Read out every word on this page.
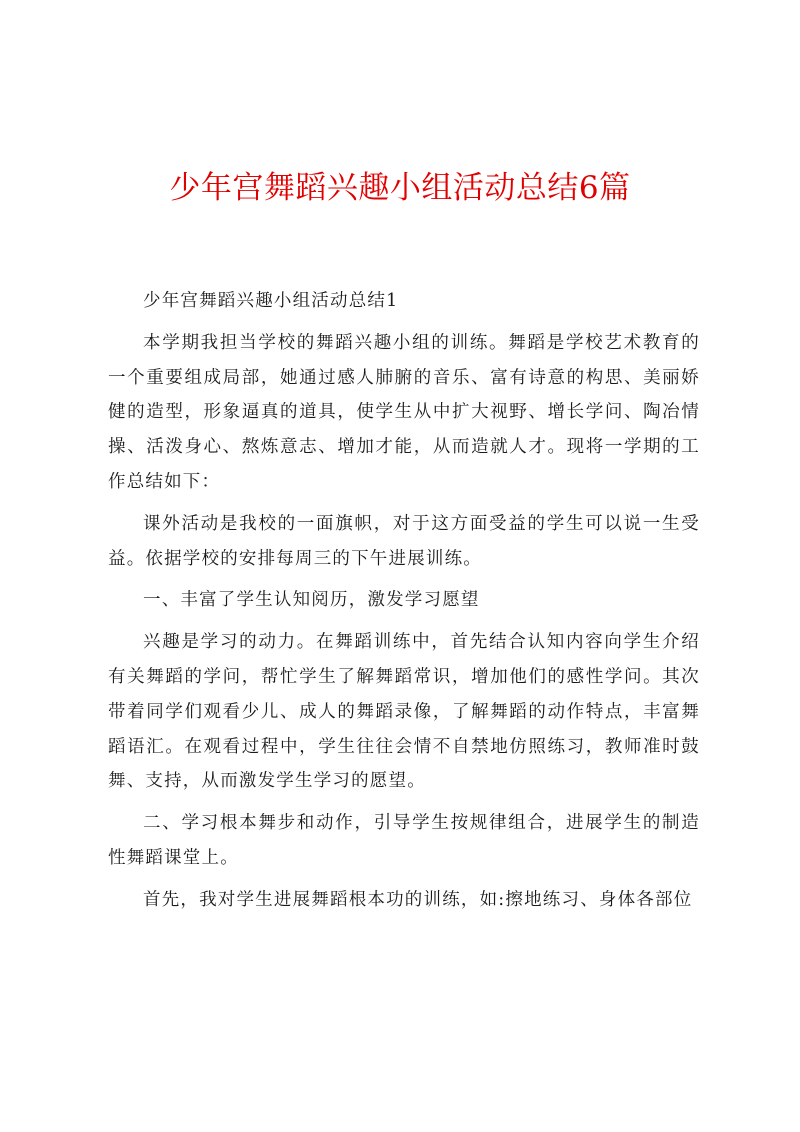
少年宫舞蹈兴趣小组活动总结6篇

少年宫舞蹈兴趣小组活动总结1

本学期我担当学校的舞蹈兴趣小组的训练。舞蹈是学校艺术教育的一个重要组成局部，她通过感人肺腑的音乐、富有诗意的构思、美丽娇健的造型，形象逼真的道具，使学生从中扩大视野、增长学问、陶冶情操、活泼身心、熬炼意志、增加才能，从而造就人才。现将一学期的工作总结如下：

课外活动是我校的一面旗帜，对于这方面受益的学生可以说一生受益。依据学校的安排每周三的下午进展训练。

一、丰富了学生认知阅历，激发学习愿望

兴趣是学习的动力。在舞蹈训练中，首先结合认知内容向学生介绍有关舞蹈的学问，帮忙学生了解舞蹈常识，增加他们的感性学问。其次带着同学们观看少儿、成人的舞蹈录像，了解舞蹈的动作特点，丰富舞蹈语汇。在观看过程中，学生往往会情不自禁地仿照练习，教师准时鼓舞、支持，从而激发学生学习的愿望。

二、学习根本舞步和动作，引导学生按规律组合，进展学生的制造性舞蹈课堂上。

首先，我对学生进展舞蹈根本功的训练，如:擦地练习、身体各部位
